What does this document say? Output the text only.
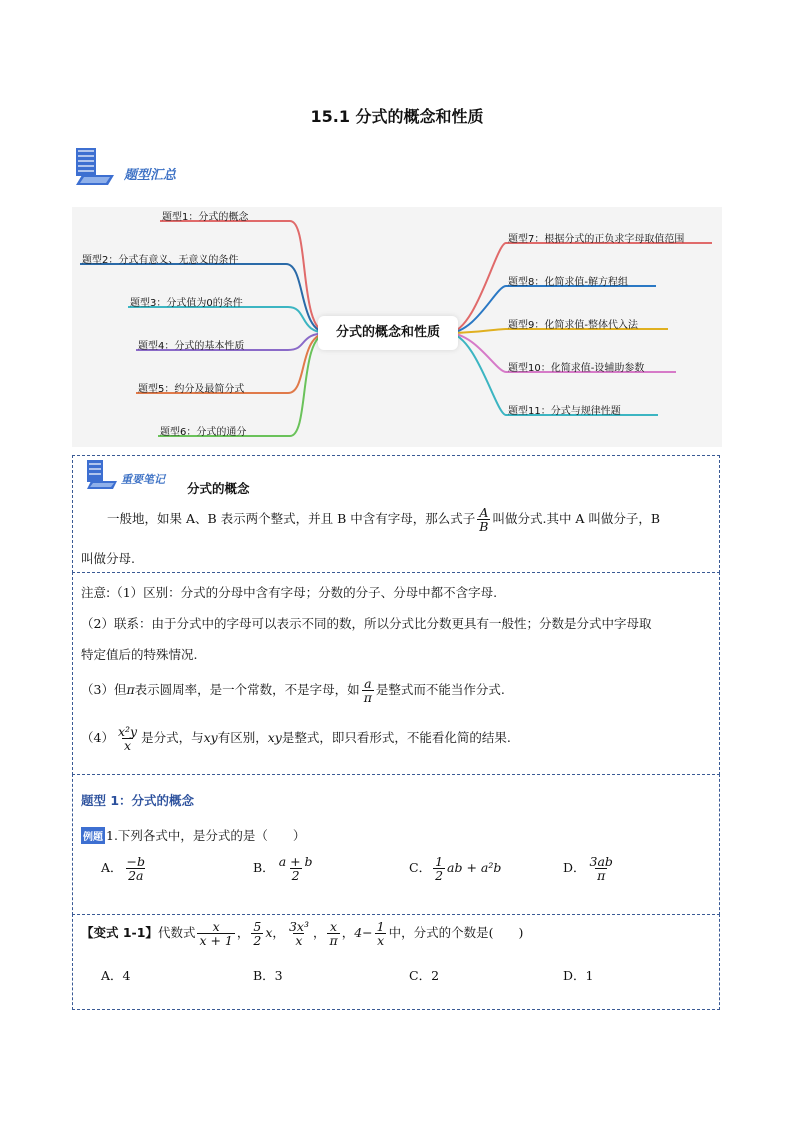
15.1 分式的概念和性质
题型汇总
分式的概念和性质
题型1：分式的概念
题型2：分式有意义、无意义的条件
题型3：分式值为0的条件
题型4：分式的基本性质
题型5：约分及最简分式
题型6：分式的通分
题型7：根据分式的正负求字母取值范围
题型8：化简求值-解方程组
题型9：化简求值-整体代入法
题型10：化简求值-设辅助参数
题型11：分式与规律性题
重要笔记
分式的概念
一般地，如果 A、B 表示两个整式，并且 B 中含有字母，那么式子 $\frac{A}{B}$ 叫做分式.其中 A 叫做分子，B
叫做分母.
注意:（1）区别：分式的分母中含有字母；分数的分子、分母中都不含字母.
（2）联系：由于分式中的字母可以表示不同的数，所以分式比分数更具有一般性；分数是分式中字母取
特定值后的特殊情况.
（3）但π表示圆周率，是一个常数，不是字母，如 $\frac{a}{\pi}$ 是整式而不能当作分式.
$(4) \frac{\text{x²y}}{x}$ 是分式，与xy有区别，xy是整式，即只看形式，不能看化简的结果.
题型 1：分式的概念
例题 1.下列各式中，是分式的是（　　）
A． $\frac{-b}{2a}$	B． $\frac{a + b}{2}$	C． $\frac{1}{2}$ ab + a²b	D． $\frac{3ab}{\pi}$
【变式 1-1】代数式 $\frac{x}{x + 1}$ ， $\frac{5}{2}$ x， $\frac{\text{3x³}}{x}$ ， $\frac{x}{\pi}$ ，$4- \frac{1}{x}$ 中，分式的个数是(　　)
A．4	B．3	C．2	D．1
